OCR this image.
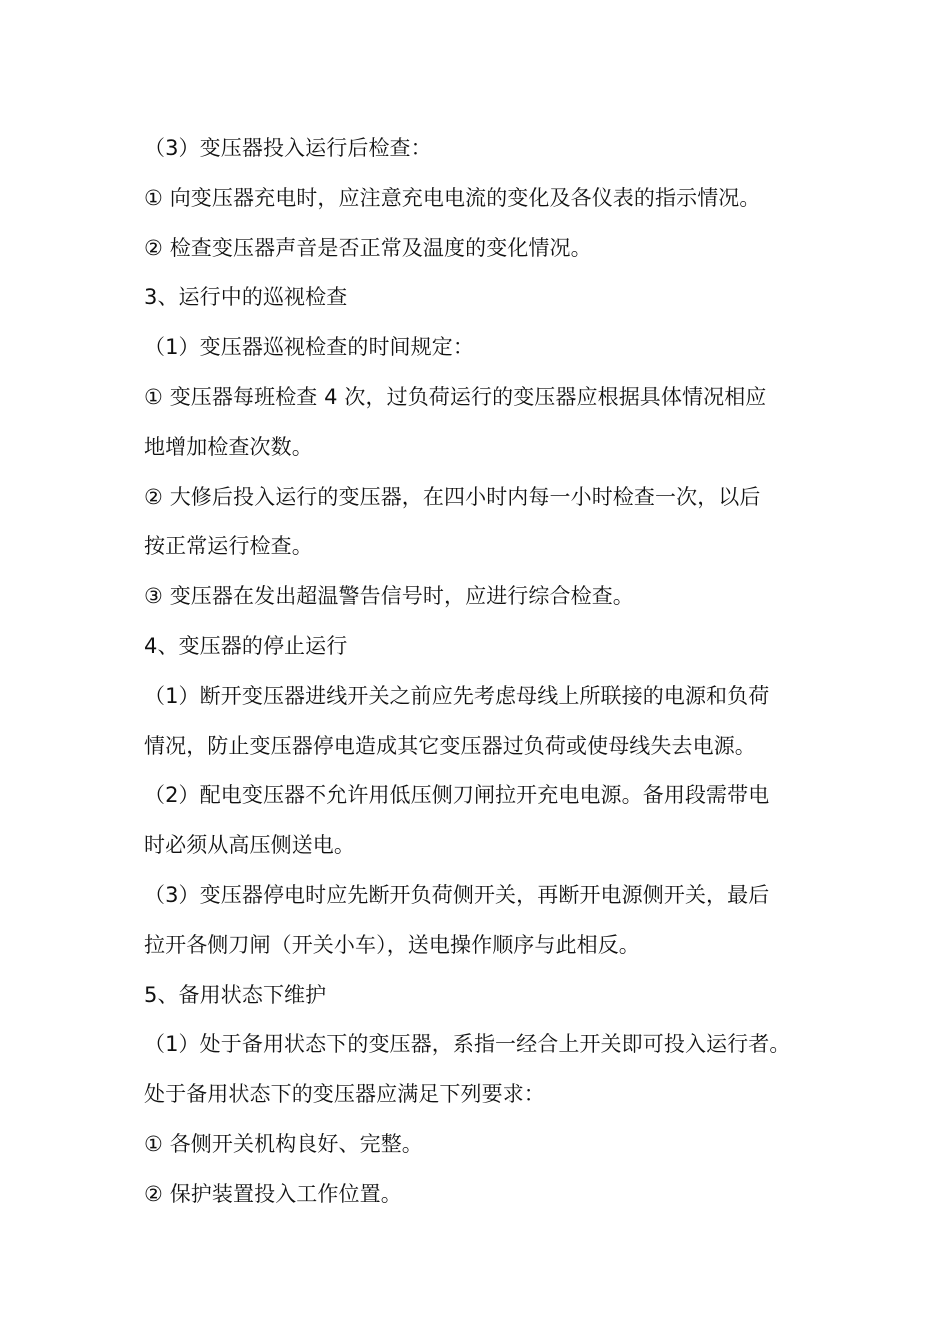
（3）变压器投入运行后检查：
① 向变压器充电时，应注意充电电流的变化及各仪表的指示情况。
② 检查变压器声音是否正常及温度的变化情况。
3、运行中的巡视检查
（1）变压器巡视检查的时间规定：
① 变压器每班检查 4 次，过负荷运行的变压器应根据具体情况相应
地增加检查次数。
② 大修后投入运行的变压器，在四小时内每一小时检查一次，以后
按正常运行检查。
③ 变压器在发出超温警告信号时，应进行综合检查。
4、变压器的停止运行
（1）断开变压器进线开关之前应先考虑母线上所联接的电源和负荷
情况，防止变压器停电造成其它变压器过负荷或使母线失去电源。
（2）配电变压器不允许用低压侧刀闸拉开充电电源。备用段需带电
时必须从高压侧送电。
（3）变压器停电时应先断开负荷侧开关，再断开电源侧开关，最后
拉开各侧刀闸（开关小车），送电操作顺序与此相反。
5、备用状态下维护
（1）处于备用状态下的变压器，系指一经合上开关即可投入运行者。
处于备用状态下的变压器应满足下列要求：
① 各侧开关机构良好、完整。
② 保护装置投入工作位置。
